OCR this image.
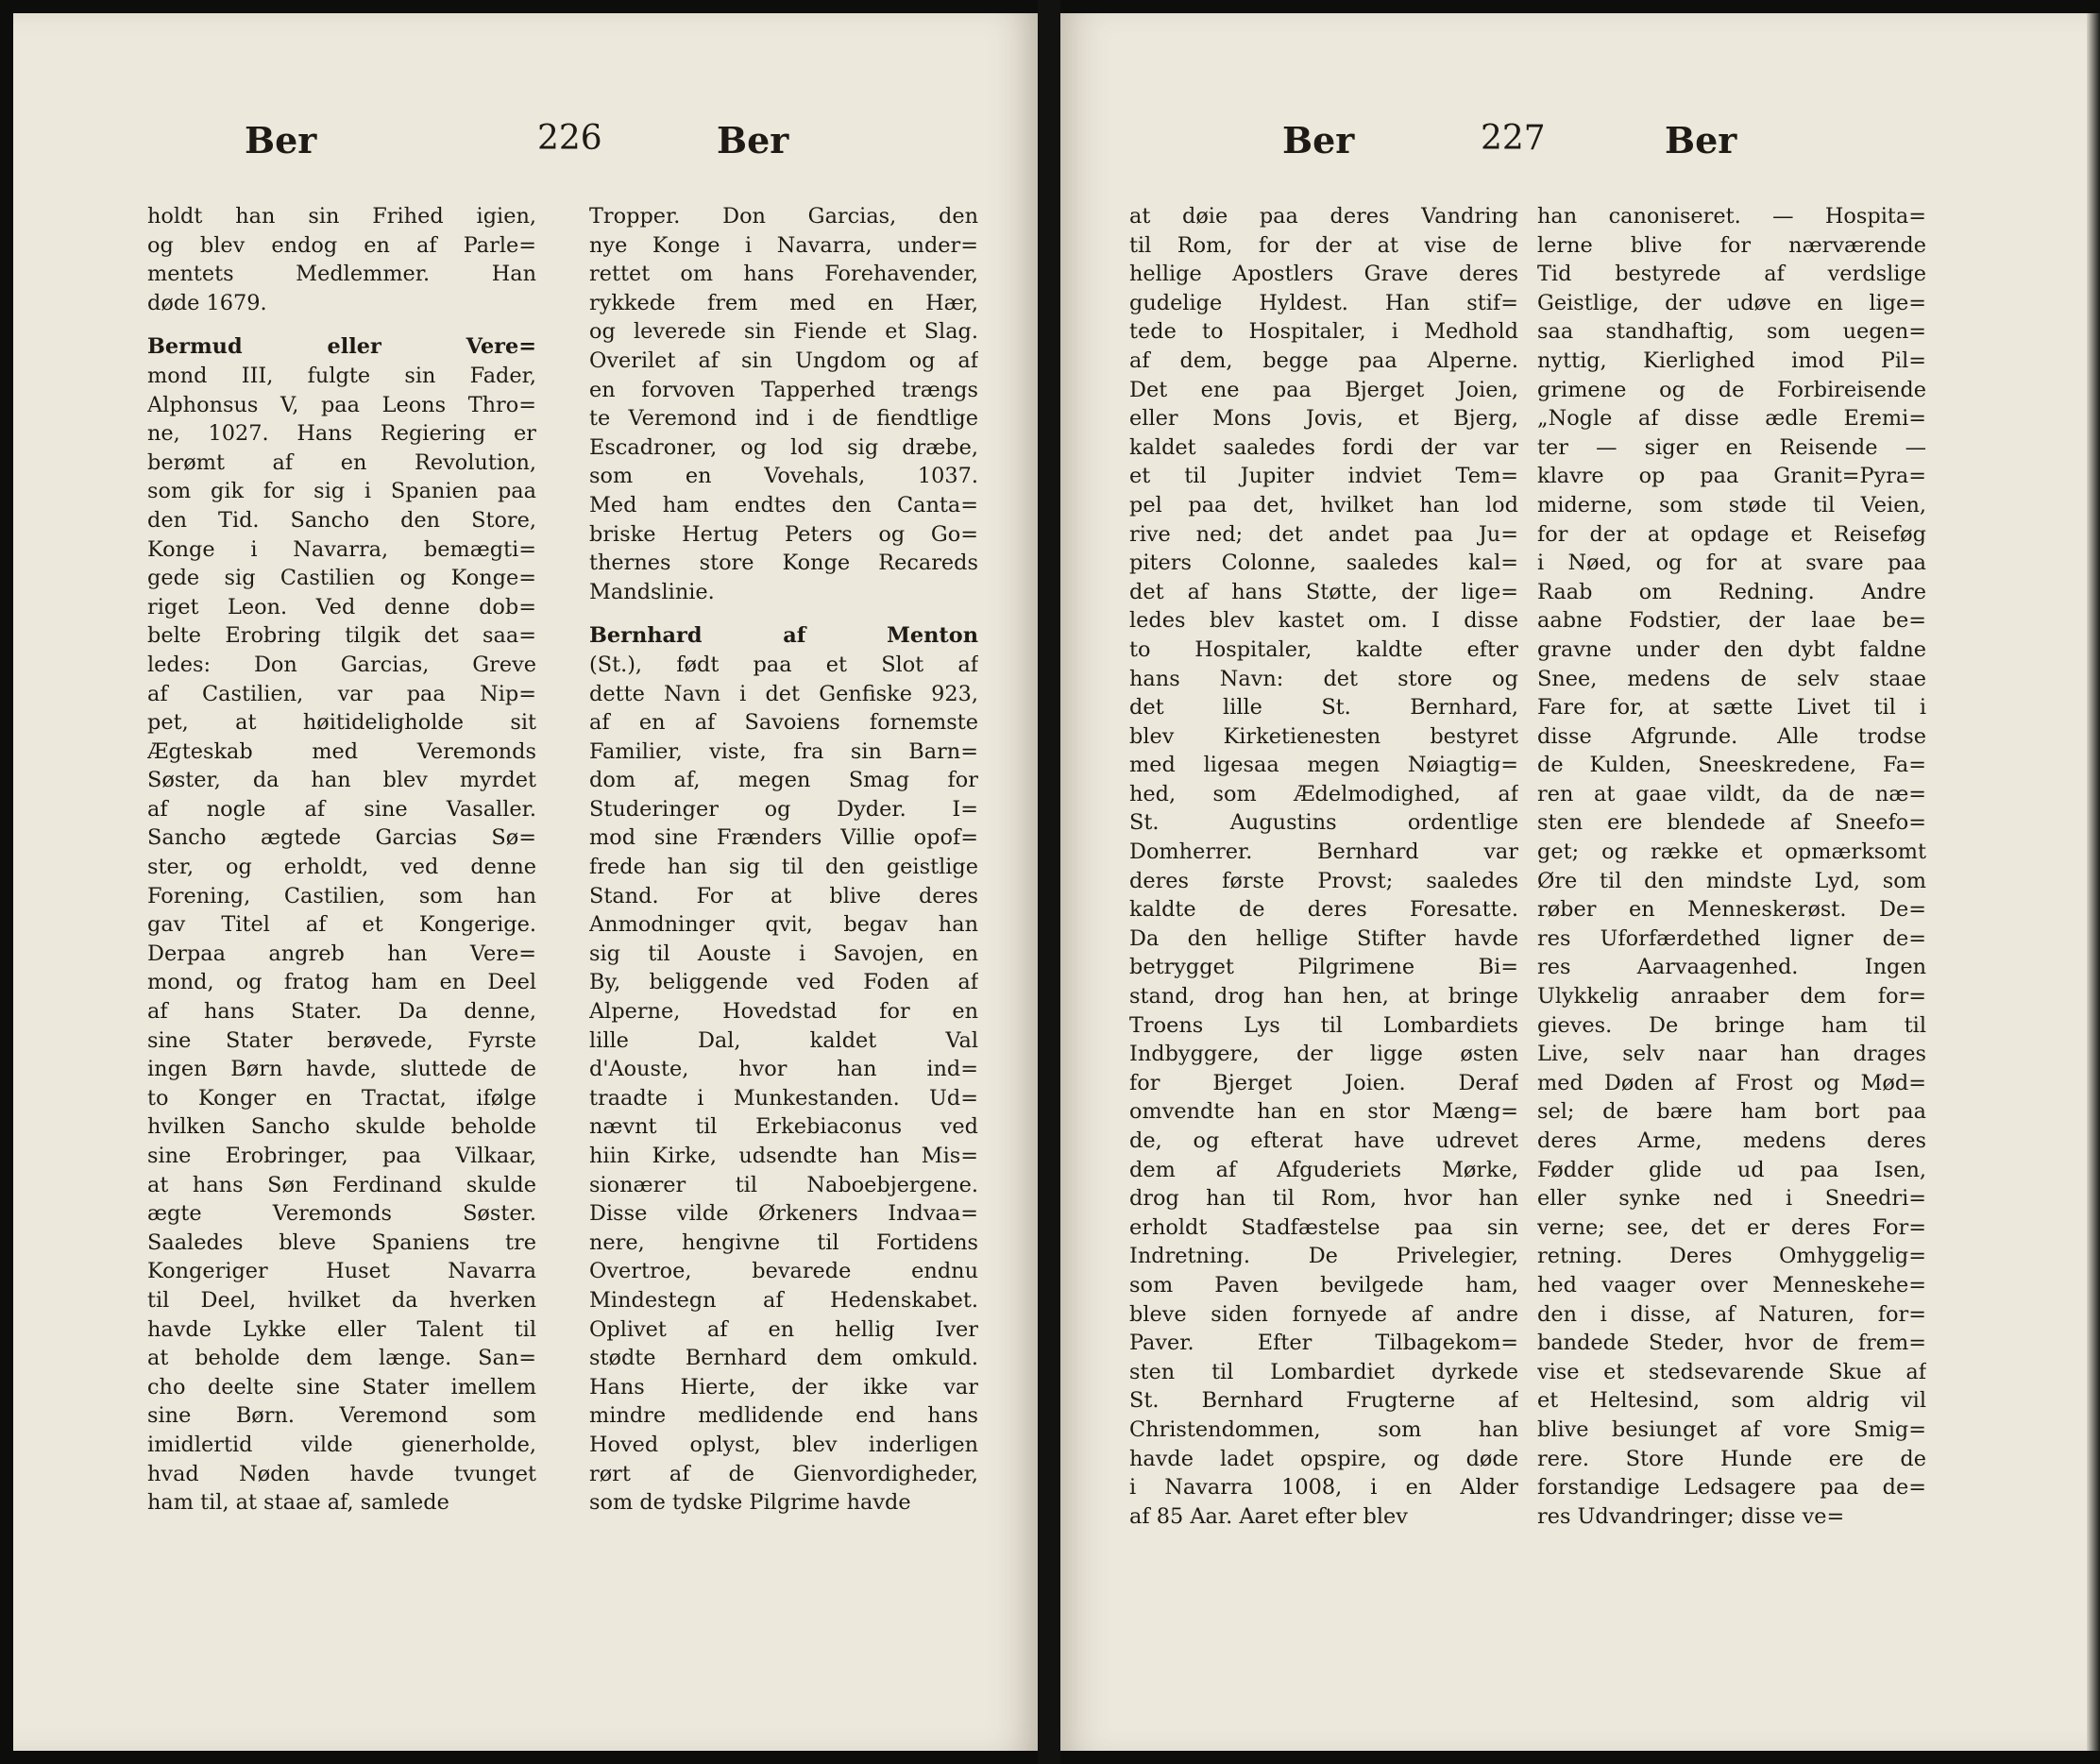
Ber	226	Ber
holdt han sin Frihed igien,
og blev endog en af Parle=
mentets Medlemmer. Han
døde 1679.
Bermud eller Vere=
mond III, fulgte sin Fader,
Alphonsus V, paa Leons Thro=
ne, 1027. Hans Regiering er
berømt af en Revolution,
som gik for sig i Spanien paa
den Tid. Sancho den Store,
Konge i Navarra, bemægti=
gede sig Castilien og Konge=
riget Leon. Ved denne dob=
belte Erobring tilgik det saa=
ledes: Don Garcias, Greve
af Castilien, var paa Nip=
pet, at høitideligholde sit
Ægteskab med Veremonds
Søster, da han blev myrdet
af nogle af sine Vasaller.
Sancho ægtede Garcias Sø=
ster, og erholdt, ved denne
Forening, Castilien, som han
gav Titel af et Kongerige.
Derpaa angreb han Vere=
mond, og fratog ham en Deel
af hans Stater. Da denne,
sine Stater berøvede, Fyrste
ingen Børn havde, sluttede de
to Konger en Tractat, ifølge
hvilken Sancho skulde beholde
sine Erobringer, paa Vilkaar,
at hans Søn Ferdinand skulde
ægte Veremonds Søster.
Saaledes bleve Spaniens tre
Kongeriger Huset Navarra
til Deel, hvilket da hverken
havde Lykke eller Talent til
at beholde dem længe. San=
cho deelte sine Stater imellem
sine Børn. Veremond som
imidlertid vilde gienerholde,
hvad Nøden havde tvunget
ham til, at staae af, samlede
Tropper. Don Garcias, den
nye Konge i Navarra, under=
rettet om hans Forehavender,
rykkede frem med en Hær,
og leverede sin Fiende et Slag.
Overilet af sin Ungdom og af
en forvoven Tapperhed trængs
te Veremond ind i de fiendtlige
Escadroner, og lod sig dræbe,
som en Vovehals, 1037.
Med ham endtes den Canta=
briske Hertug Peters og Go=
thernes store Konge Recareds
Mandslinie.
Bernhard af Menton
(St.), født paa et Slot af
dette Navn i det Genfiske 923,
af en af Savoiens fornemste
Familier, viste, fra sin Barn=
dom af, megen Smag for
Studeringer og Dyder. I=
mod sine Frænders Villie opof=
frede han sig til den geistlige
Stand. For at blive deres
Anmodninger qvit, begav han
sig til Aouste i Savojen, en
By, beliggende ved Foden af
Alperne, Hovedstad for en
lille Dal, kaldet Val
d'Aouste, hvor han ind=
traadte i Munkestanden. Ud=
nævnt til Erkebiaconus ved
hiin Kirke, udsendte han Mis=
sionærer til Naboebjergene.
Disse vilde Ørkeners Indvaa=
nere, hengivne til Fortidens
Overtroe, bevarede endnu
Mindestegn af Hedenskabet.
Oplivet af en hellig Iver
stødte Bernhard dem omkuld.
Hans Hierte, der ikke var
mindre medlidende end hans
Hoved oplyst, blev inderligen
rørt af de Gienvordigheder,
som de tydske Pilgrime havde
Ber	227	Ber
at døie paa deres Vandring
til Rom, for der at vise de
hellige Apostlers Grave deres
gudelige Hyldest. Han stif=
tede to Hospitaler, i Medhold
af dem, begge paa Alperne.
Det ene paa Bjerget Joien,
eller Mons Jovis, et Bjerg,
kaldet saaledes fordi der var
et til Jupiter indviet Tem=
pel paa det, hvilket han lod
rive ned; det andet paa Ju=
piters Colonne, saaledes kal=
det af hans Støtte, der lige=
ledes blev kastet om. I disse
to Hospitaler, kaldte efter
hans Navn: det store og
det lille St. Bernhard,
blev Kirketienesten bestyret
med ligesaa megen Nøiagtig=
hed, som Ædelmodighed, af
St. Augustins ordentlige
Domherrer. Bernhard var
deres første Provst; saaledes
kaldte de deres Foresatte.
Da den hellige Stifter havde
betrygget Pilgrimene Bi=
stand, drog han hen, at bringe
Troens Lys til Lombardiets
Indbyggere, der ligge østen
for Bjerget Joien. Deraf
omvendte han en stor Mæng=
de, og efterat have udrevet
dem af Afguderiets Mørke,
drog han til Rom, hvor han
erholdt Stadfæstelse paa sin
Indretning. De Privelegier,
som Paven bevilgede ham,
bleve siden fornyede af andre
Paver. Efter Tilbagekom=
sten til Lombardiet dyrkede
St. Bernhard Frugterne af
Christendommen, som han
havde ladet opspire, og døde
i Navarra 1008, i en Alder
af 85 Aar. Aaret efter blev
han canoniseret. — Hospita=
lerne blive for nærværende
Tid bestyrede af verdslige
Geistlige, der udøve en lige=
saa standhaftig, som uegen=
nyttig, Kierlighed imod Pil=
grimene og de Forbireisende
„Nogle af disse ædle Eremi=
ter — siger en Reisende —
klavre op paa Granit=Pyra=
miderne, som støde til Veien,
for der at opdage et Reiseføg
i Nøed, og for at svare paa
Raab om Redning. Andre
aabne Fodstier, der laae be=
gravne under den dybt faldne
Snee, medens de selv staae
Fare for, at sætte Livet til i
disse Afgrunde. Alle trodse
de Kulden, Sneeskredene, Fa=
ren at gaae vildt, da de næ=
sten ere blendede af Sneefo=
get; og række et opmærksomt
Øre til den mindste Lyd, som
røber en Menneskerøst. De=
res Uforfærdethed ligner de=
res Aarvaagenhed. Ingen
Ulykkelig anraaber dem for=
gieves. De bringe ham til
Live, selv naar han drages
med Døden af Frost og Mød=
sel; de bære ham bort paa
deres Arme, medens deres
Fødder glide ud paa Isen,
eller synke ned i Sneedri=
verne; see, det er deres For=
retning. Deres Omhyggelig=
hed vaager over Menneskehe=
den i disse, af Naturen, for=
bandede Steder, hvor de frem=
vise et stedsevarende Skue af
et Heltesind, som aldrig vil
blive besiunget af vore Smig=
rere. Store Hunde ere de
forstandige Ledsagere paa de=
res Udvandringer; disse ve=
